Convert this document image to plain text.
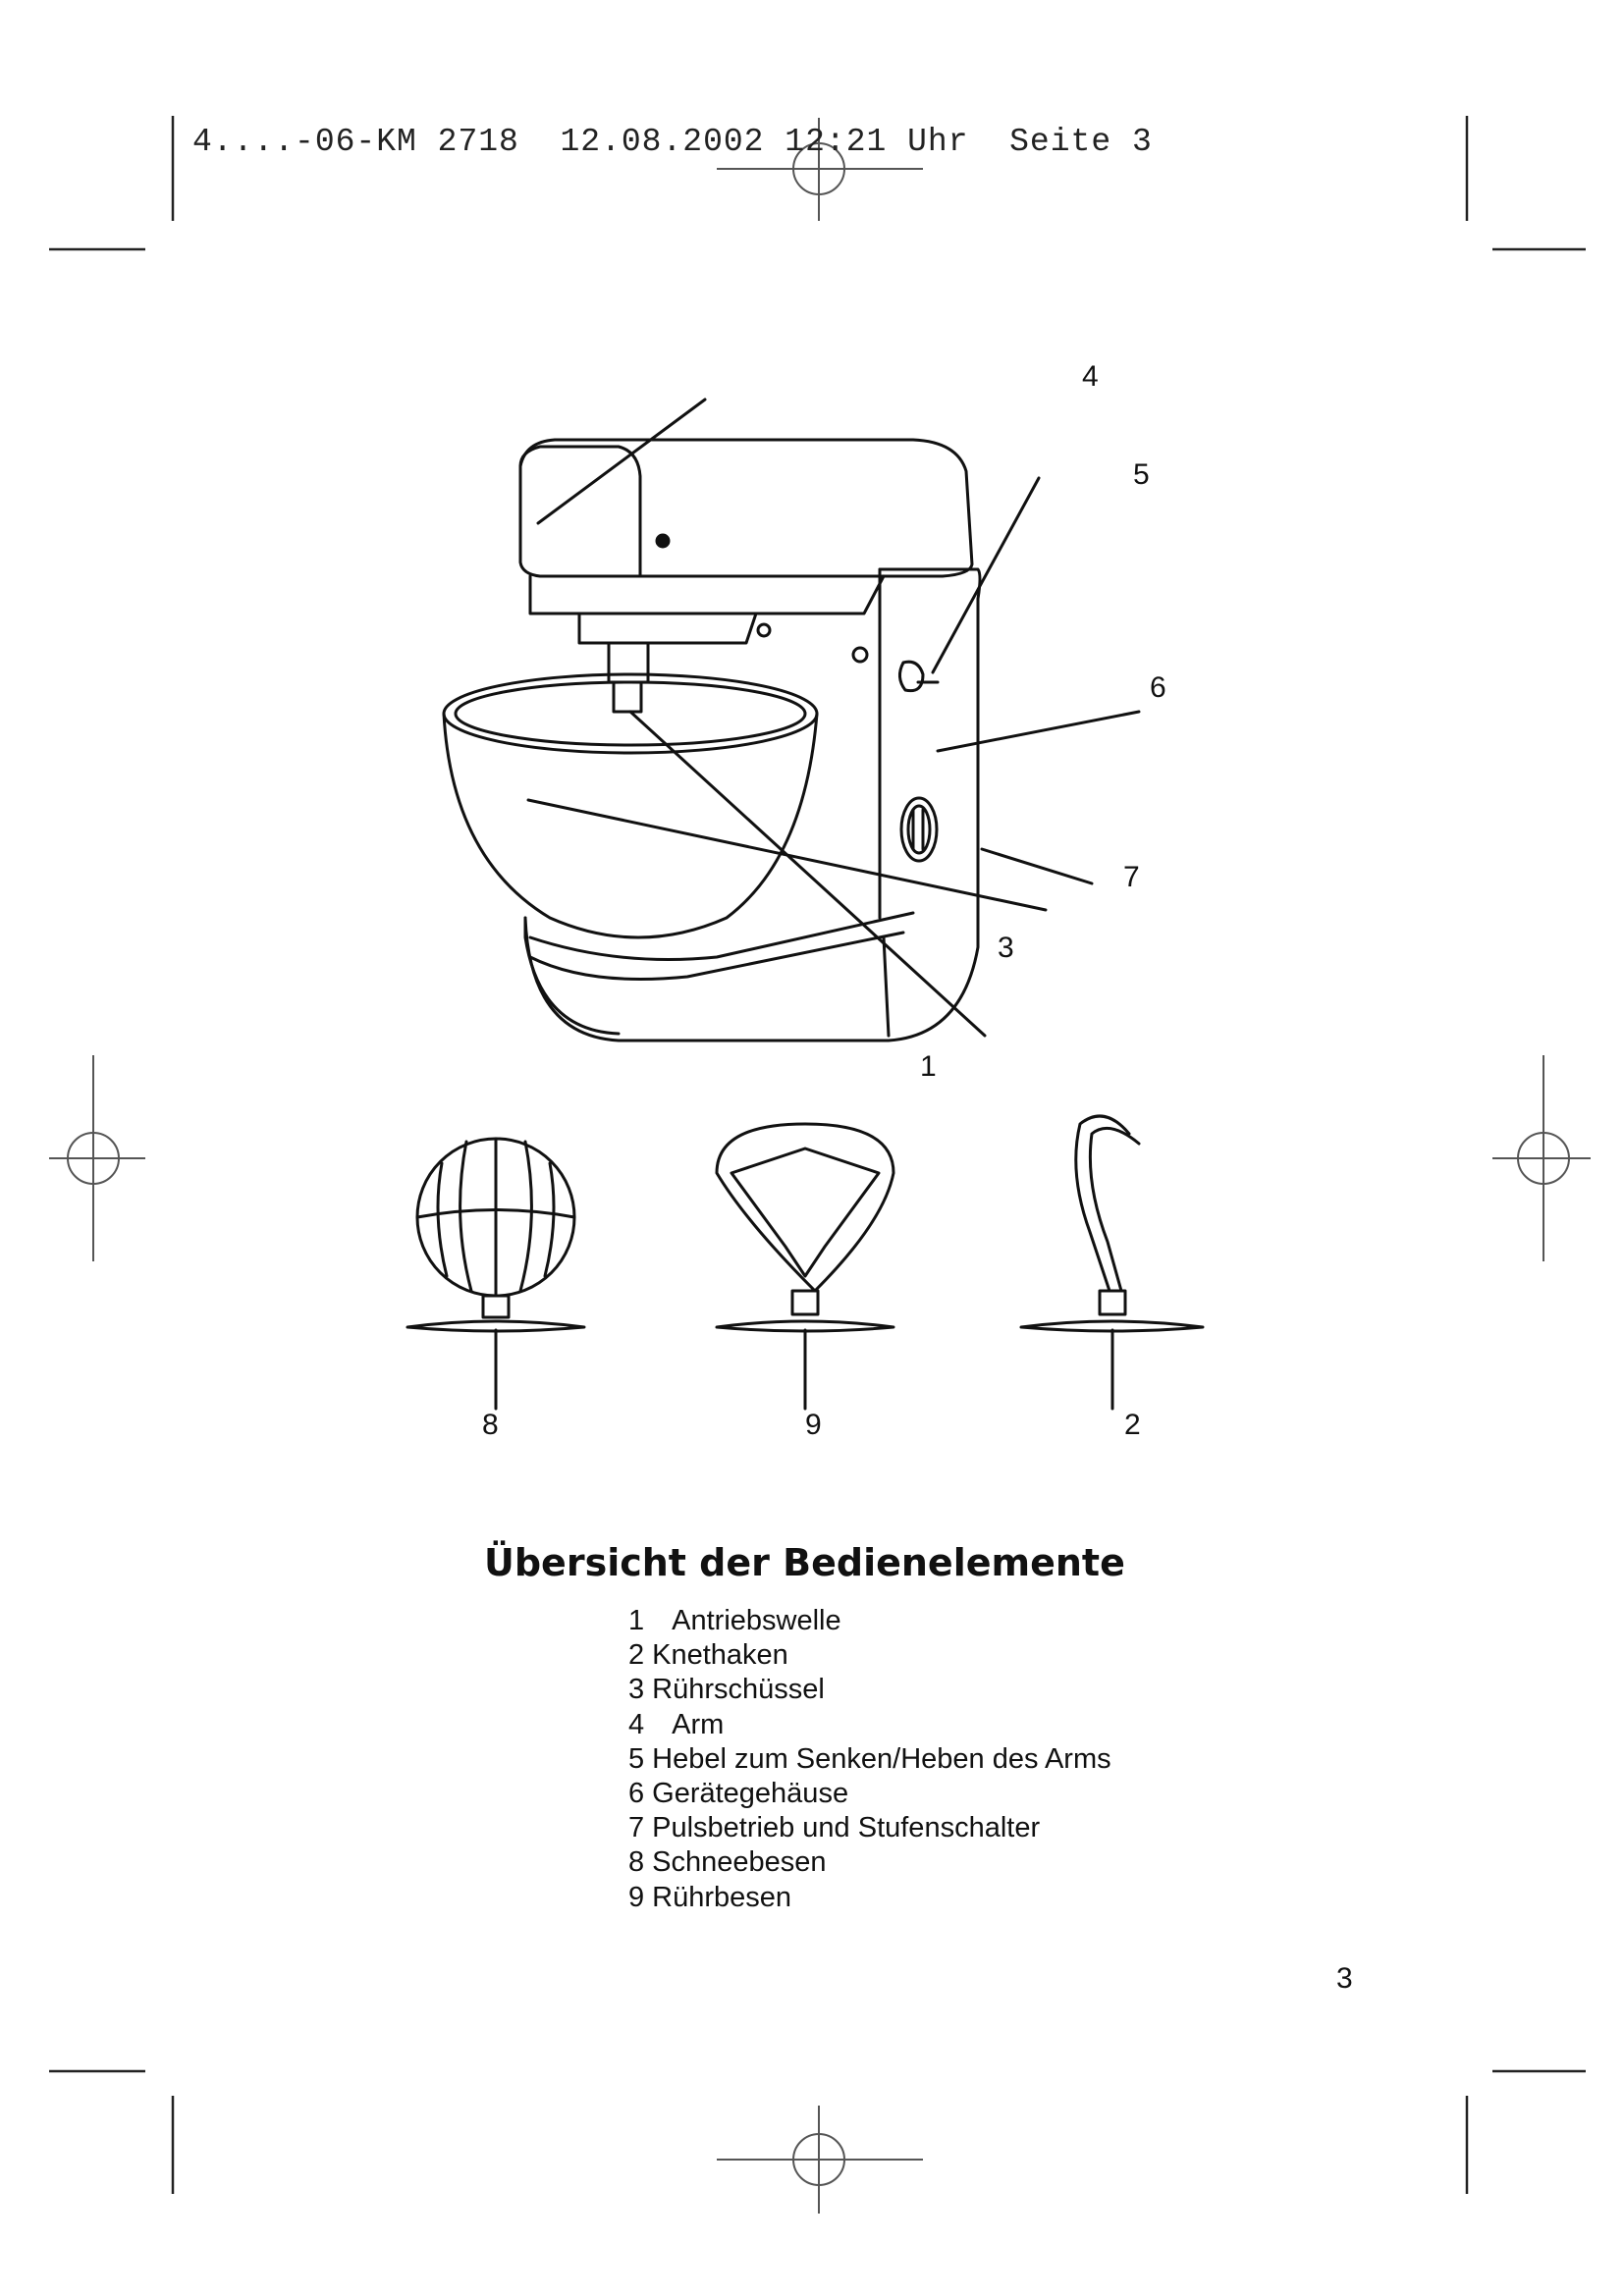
4....-06-KM 2718  12.08.2002 12:21 Uhr  Seite 3
4
5
6
7
3
1
8	9	2
Übersicht der Bedienelemente
1 Antriebswelle
2 Knethaken
3 Rührschüssel
4 Arm
5 Hebel zum Senken/Heben des Arms
6 Gerätegehäuse
7 Pulsbetrieb und Stufenschalter
8 Schneebesen
9 Rührbesen
3
